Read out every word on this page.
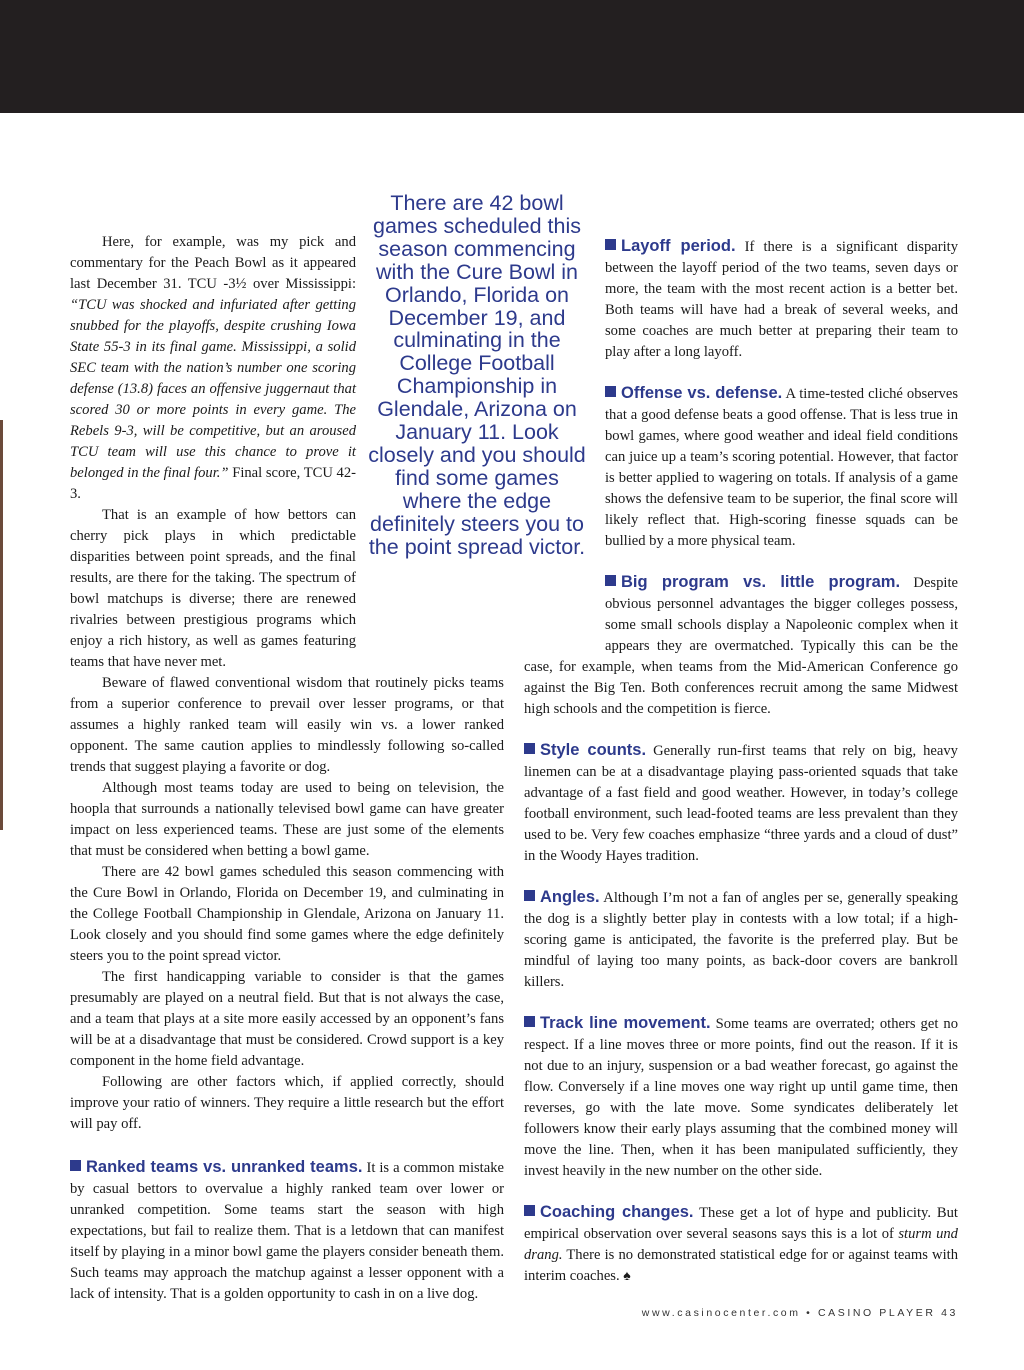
There are 42 bowl games scheduled this season commencing with the Cure Bowl in Orlando, Florida on December 19, and culminating in the College Football Championship in Glendale, Arizona on January 11. Look closely and you should find some games where the edge definitely steers you to the point spread victor.

Here, for example, was my pick and commentary for the Peach Bowl as it appeared last December 31. TCU -3½ over Mississippi: “TCU was shocked and infuriated after getting snubbed for the playoffs, despite crushing Iowa State 55-3 in its final game. Mississippi, a solid SEC team with the nation’s number one scoring defense (13.8) faces an offensive juggernaut that scored 30 or more points in every game. The Rebels 9-3, will be competitive, but an aroused TCU team will use this chance to prove it belonged in the final four.” Final score, TCU 42-3.

That is an example of how bettors can cherry pick plays in which predictable disparities between point spreads, and the final results, are there for the taking. The spectrum of bowl matchups is diverse; there are renewed rivalries between prestigious programs which enjoy a rich history, as well as games featuring teams that have never met.

Beware of flawed conventional wisdom that routinely picks teams from a superior conference to prevail over lesser programs, or that assumes a highly ranked team will easily win vs. a lower ranked opponent. The same caution applies to mindlessly following so-called trends that suggest playing a favorite or dog.

Although most teams today are used to being on television, the hoopla that surrounds a nationally televised bowl game can have greater impact on less experienced teams. These are just some of the elements that must be considered when betting a bowl game.

There are 42 bowl games scheduled this season commencing with the Cure Bowl in Orlando, Florida on December 19, and culminating in the College Football Championship in Glendale, Arizona on January 11. Look closely and you should find some games where the edge definitely steers you to the point spread victor.

The first handicapping variable to consider is that the games presumably are played on a neutral field. But that is not always the case, and a team that plays at a site more easily accessed by an opponent’s fans will be at a disadvantage that must be considered. Crowd support is a key component in the home field advantage.

Following are other factors which, if applied correctly, should improve your ratio of winners. They require a little research but the effort will pay off.

Ranked teams vs. unranked teams. It is a common mistake by casual bettors to overvalue a highly ranked team over lower or unranked competition. Some teams start the season with high expectations, but fail to realize them. That is a letdown that can manifest itself by playing in a minor bowl game the players consider beneath them. Such teams may approach the matchup against a lesser opponent with a lack of intensity. That is a golden opportunity to cash in on a live dog.

Layoff period. If there is a significant disparity between the layoff period of the two teams, seven days or more, the team with the most recent action is a better bet. Both teams will have had a break of several weeks, and some coaches are much better at preparing their team to play after a long layoff.

Offense vs. defense. A time-tested cliché observes that a good defense beats a good offense. That is less true in bowl games, where good weather and ideal field conditions can juice up a team’s scoring potential. However, that factor is better applied to wagering on totals. If analysis of a game shows the defensive team to be superior, the final score will likely reflect that. High-scoring finesse squads can be bullied by a more physical team.

Big program vs. little program. Despite obvious personnel advantages the bigger colleges possess, some small schools display a Napoleonic complex when it appears they are overmatched. Typically this can be the case, for example, when teams from the Mid-American Conference go against the Big Ten. Both conferences recruit among the same Midwest high schools and the competition is fierce.

Style counts. Generally run-first teams that rely on big, heavy linemen can be at a disadvantage playing pass-oriented squads that take advantage of a fast field and good weather. However, in today’s college football environment, such lead-footed teams are less prevalent than they used to be. Very few coaches emphasize “three yards and a cloud of dust” in the Woody Hayes tradition.

Angles. Although I’m not a fan of angles per se, generally speaking the dog is a slightly better play in contests with a low total; if a high-scoring game is anticipated, the favorite is the preferred play. But be mindful of laying too many points, as back-door covers are bankroll killers.

Track line movement. Some teams are overrated; others get no respect. If a line moves three or more points, find out the reason. If it is not due to an injury, suspension or a bad weather forecast, go against the flow. Conversely if a line moves one way right up until game time, then reverses, go with the late move. Some syndicates deliberately let followers know their early plays assuming that the combined money will move the line. Then, when it has been manipulated sufficiently, they invest heavily in the new number on the other side.

Coaching changes. These get a lot of hype and publicity. But empirical observation over several seasons says this is a lot of sturm und drang. There is no demonstrated statistical edge for or against teams with interim coaches. ♠

www.casinocenter.com • CASINO PLAYER 43
